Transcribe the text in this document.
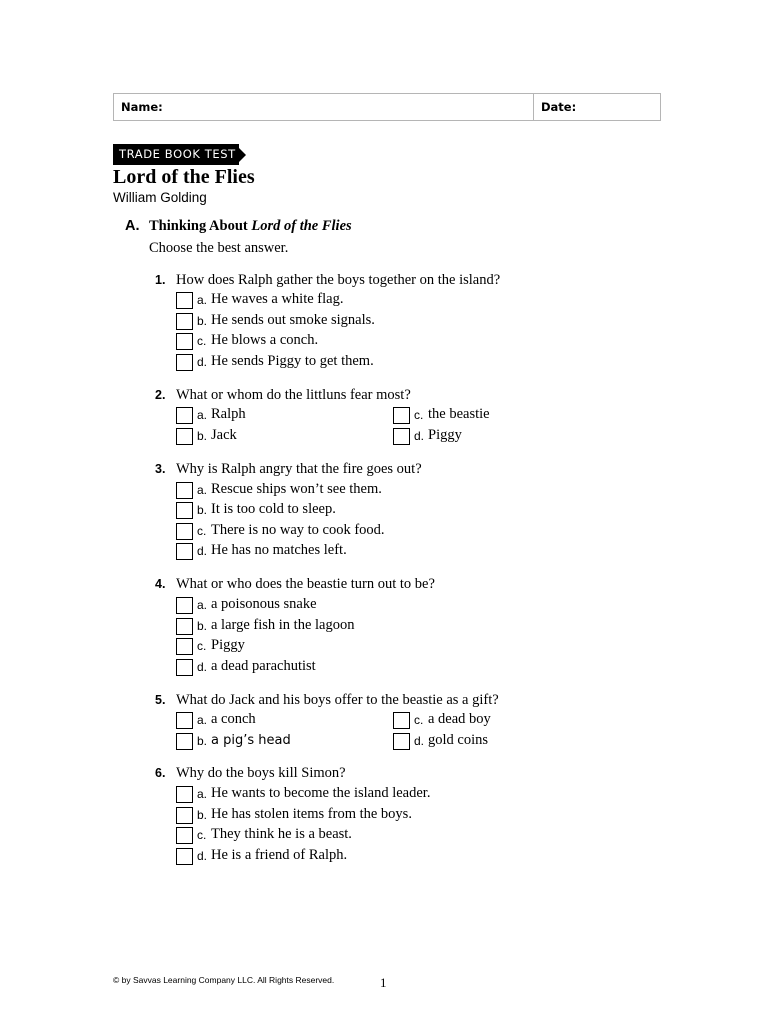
Name:	Date:
TRADE BOOK TEST
Lord of the Flies
William Golding
A. Thinking About Lord of the Flies
Choose the best answer.
1. How does Ralph gather the boys together on the island?
a. He waves a white flag.
b. He sends out smoke signals.
c. He blows a conch.
d. He sends Piggy to get them.
2. What or whom do the littluns fear most?
a. Ralph
b. Jack
c. the beastie
d. Piggy
3. Why is Ralph angry that the fire goes out?
a. Rescue ships won’t see them.
b. It is too cold to sleep.
c. There is no way to cook food.
d. He has no matches left.
4. What or who does the beastie turn out to be?
a. a poisonous snake
b. a large fish in the lagoon
c. Piggy
d. a dead parachutist
5. What do Jack and his boys offer to the beastie as a gift?
a. a conch
b. a pig’s head
c. a dead boy
d. gold coins
6. Why do the boys kill Simon?
a. He wants to become the island leader.
b. He has stolen items from the boys.
c. They think he is a beast.
d. He is a friend of Ralph.
© by Savvas Learning Company LLC. All Rights Reserved.	1
